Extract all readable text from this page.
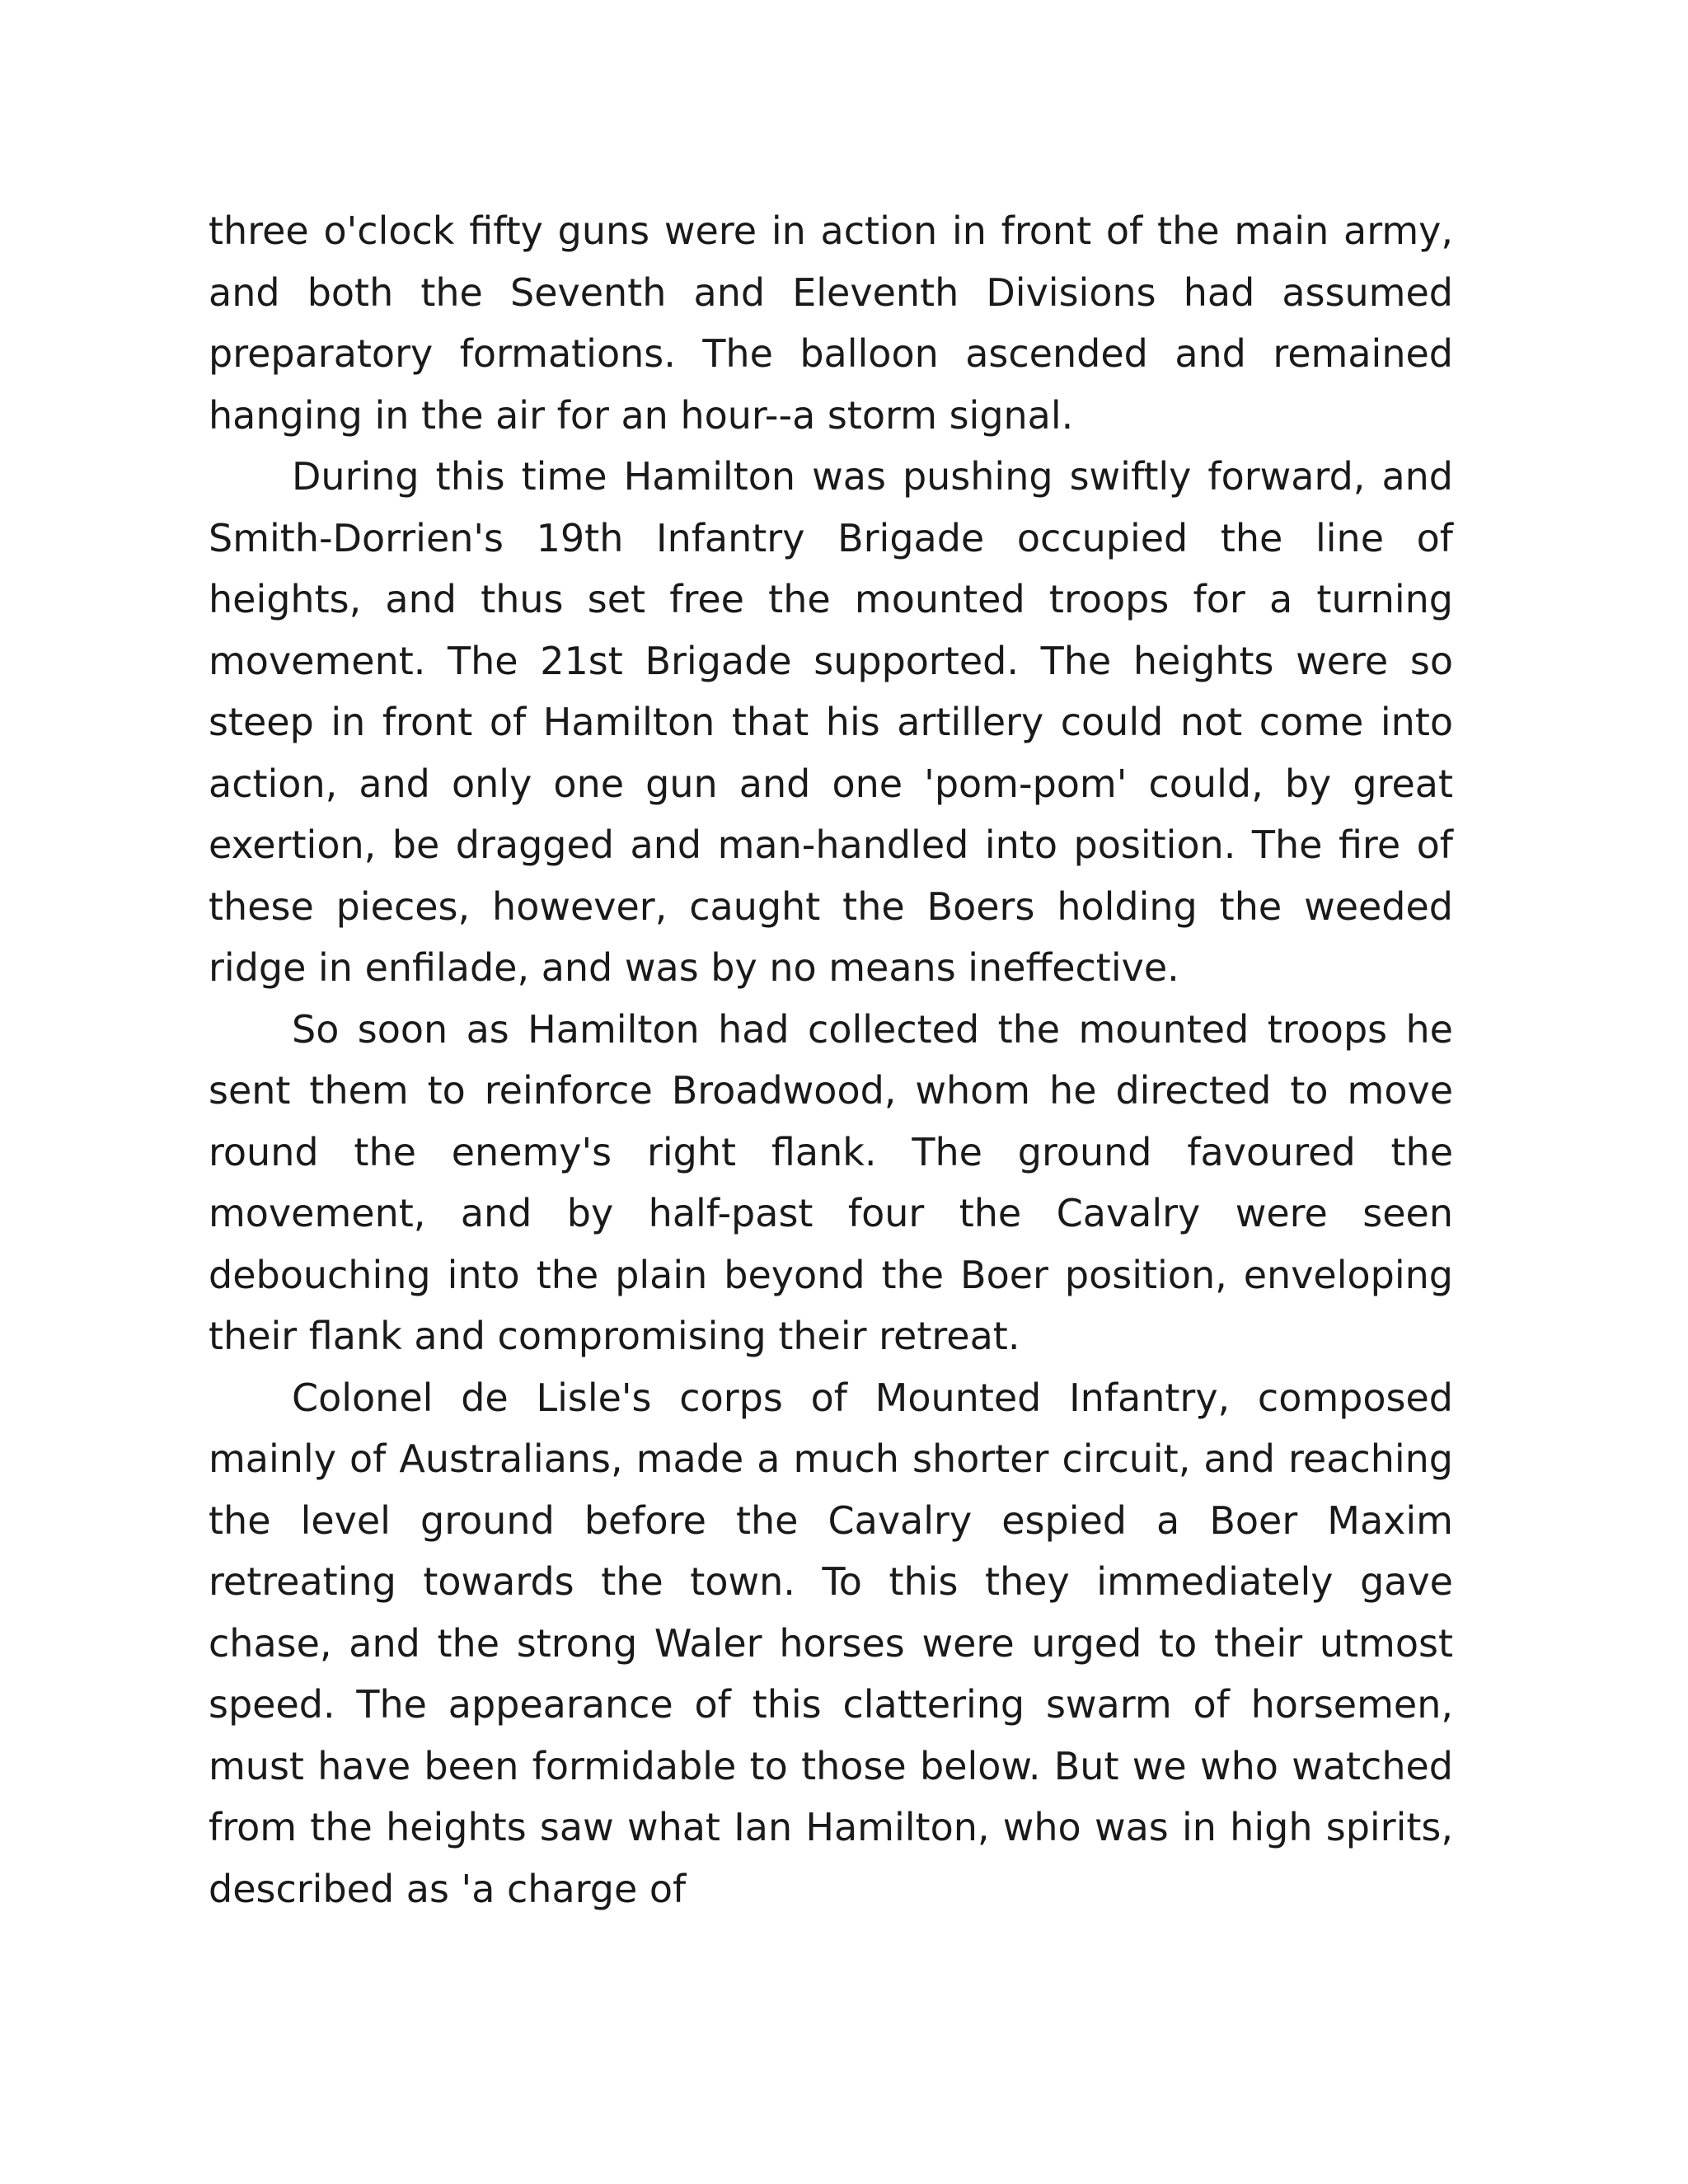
three o'clock fifty guns were in action in front of the main army, and both the Seventh and Eleventh Divisions had assumed preparatory formations. The balloon ascended and remained hanging in the air for an hour--a storm signal.

During this time Hamilton was pushing swiftly forward, and Smith-Dorrien's 19th Infantry Brigade occupied the line of heights, and thus set free the mounted troops for a turning movement. The 21st Brigade supported. The heights were so steep in front of Hamilton that his artillery could not come into action, and only one gun and one 'pom-pom' could, by great exertion, be dragged and man-handled into position. The fire of these pieces, however, caught the Boers holding the weeded ridge in enfilade, and was by no means ineffective.

So soon as Hamilton had collected the mounted troops he sent them to reinforce Broadwood, whom he directed to move round the enemy's right flank. The ground favoured the movement, and by half-past four the Cavalry were seen debouching into the plain beyond the Boer position, enveloping their flank and compromising their retreat.

Colonel de Lisle's corps of Mounted Infantry, composed mainly of Australians, made a much shorter circuit, and reaching the level ground before the Cavalry espied a Boer Maxim retreating towards the town. To this they immediately gave chase, and the strong Waler horses were urged to their utmost speed. The appearance of this clattering swarm of horsemen, must have been formidable to those below. But we who watched from the heights saw what Ian Hamilton, who was in high spirits, described as 'a charge of
